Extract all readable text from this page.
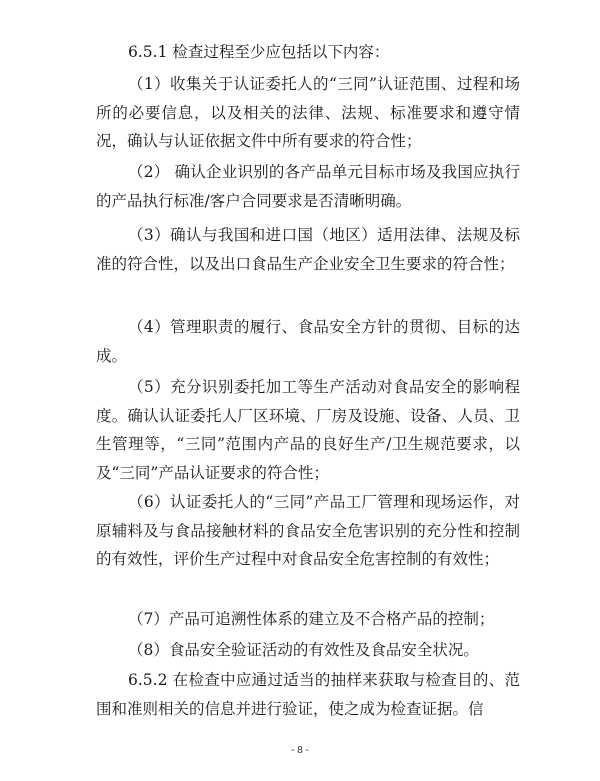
6.5.1 检查过程至少应包括以下内容：
（1）收集关于认证委托人的“三同”认证范围、过程和场所的必要信息，以及相关的法律、法规、标准要求和遵守情况，确认与认证依据文件中所有要求的符合性；
（2） 确认企业识别的各产品单元目标市场及我国应执行的产品执行标准/客户合同要求是否清晰明确。
（3）确认与我国和进口国（地区）适用法律、法规及标准的符合性，以及出口食品生产企业安全卫生要求的符合性；
（4）管理职责的履行、食品安全方针的贯彻、目标的达成。
（5）充分识别委托加工等生产活动对食品安全的影响程度。确认认证委托人厂区环境、厂房及设施、设备、人员、卫生管理等，“三同”范围内产品的良好生产/卫生规范要求，以及“三同”产品认证要求的符合性；
（6）认证委托人的“三同”产品工厂管理和现场运作，对原辅料及与食品接触材料的食品安全危害识别的充分性和控制的有效性，评价生产过程中对食品安全危害控制的有效性；
（7）产品可追溯性体系的建立及不合格产品的控制；
（8）食品安全验证活动的有效性及食品安全状况。
6.5.2 在检查中应通过适当的抽样来获取与检查目的、范围和准则相关的信息并进行验证，使之成为检查证据。信
- 8 -
